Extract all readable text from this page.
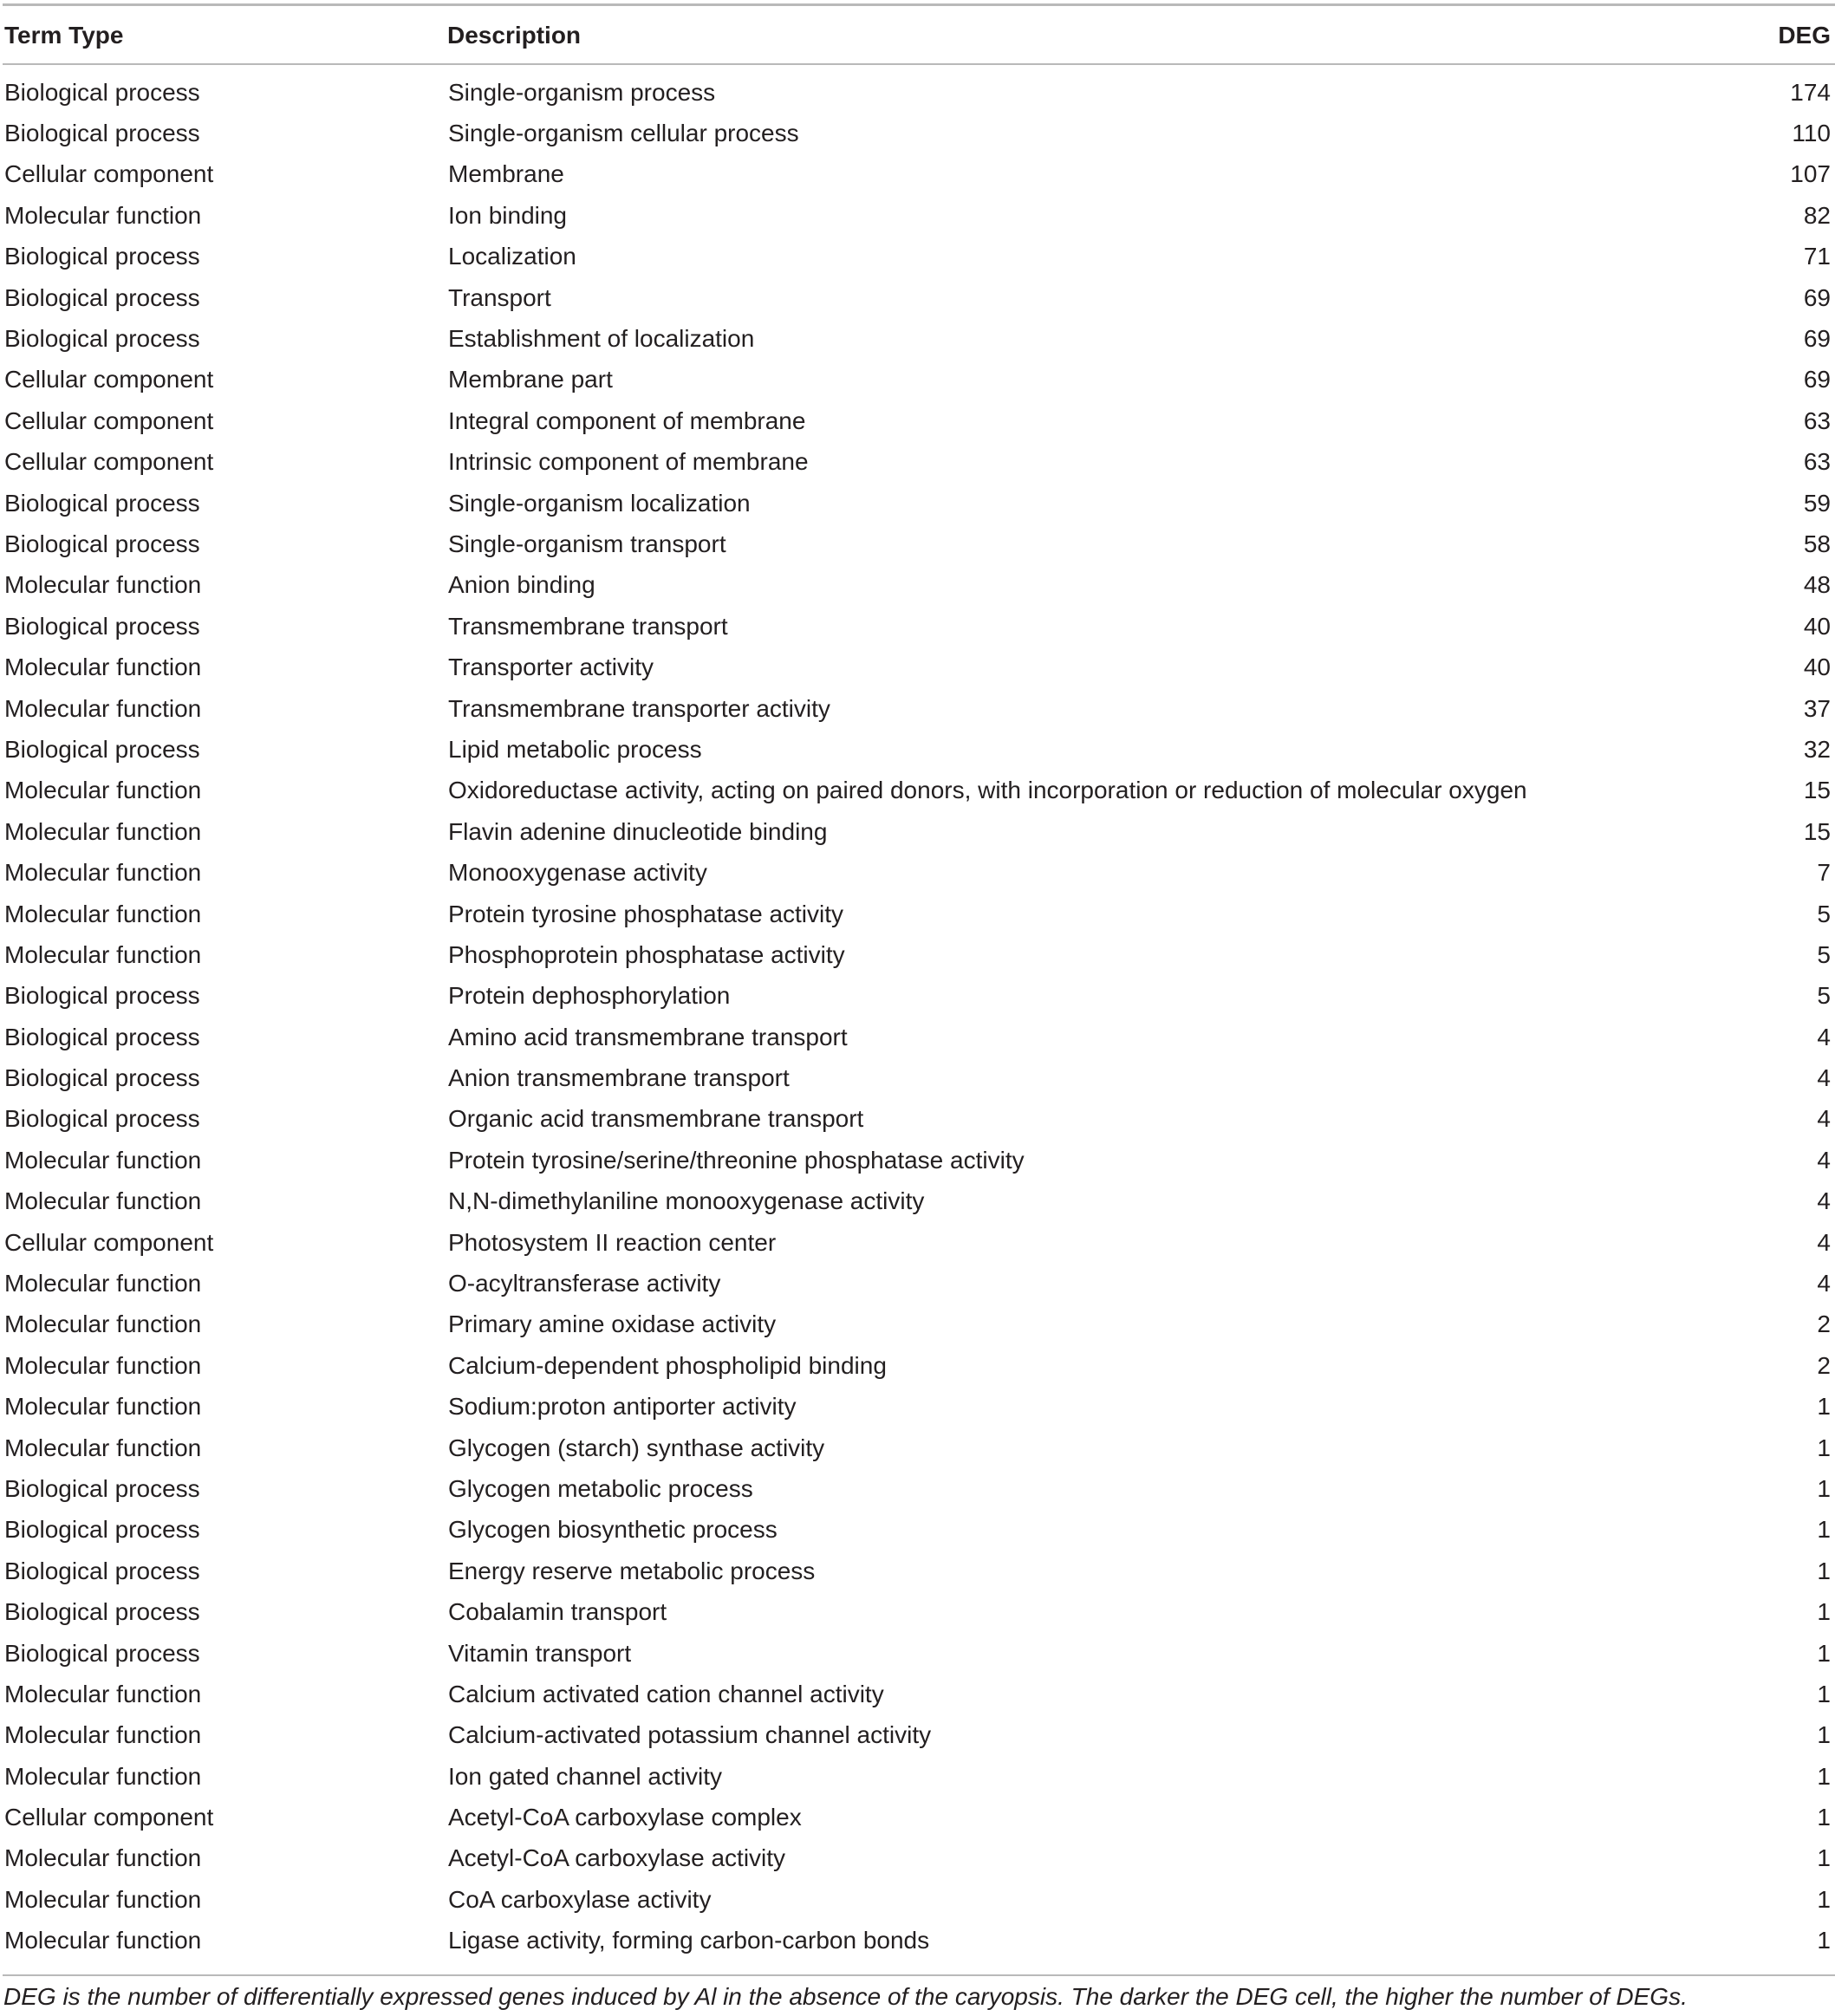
Term Type	Description	DEG
Biological process	Single-organism process	174
Biological process	Single-organism cellular process	110
Cellular component	Membrane	107
Molecular function	Ion binding	82
Biological process	Localization	71
Biological process	Transport	69
Biological process	Establishment of localization	69
Cellular component	Membrane part	69
Cellular component	Integral component of membrane	63
Cellular component	Intrinsic component of membrane	63
Biological process	Single-organism localization	59
Biological process	Single-organism transport	58
Molecular function	Anion binding	48
Biological process	Transmembrane transport	40
Molecular function	Transporter activity	40
Molecular function	Transmembrane transporter activity	37
Biological process	Lipid metabolic process	32
Molecular function	Oxidoreductase activity, acting on paired donors, with incorporation or reduction of molecular oxygen	15
Molecular function	Flavin adenine dinucleotide binding	15
Molecular function	Monooxygenase activity	7
Molecular function	Protein tyrosine phosphatase activity	5
Molecular function	Phosphoprotein phosphatase activity	5
Biological process	Protein dephosphorylation	5
Biological process	Amino acid transmembrane transport	4
Biological process	Anion transmembrane transport	4
Biological process	Organic acid transmembrane transport	4
Molecular function	Protein tyrosine/serine/threonine phosphatase activity	4
Molecular function	N,N-dimethylaniline monooxygenase activity	4
Cellular component	Photosystem II reaction center	4
Molecular function	O-acyltransferase activity	4
Molecular function	Primary amine oxidase activity	2
Molecular function	Calcium-dependent phospholipid binding	2
Molecular function	Sodium:proton antiporter activity	1
Molecular function	Glycogen (starch) synthase activity	1
Biological process	Glycogen metabolic process	1
Biological process	Glycogen biosynthetic process	1
Biological process	Energy reserve metabolic process	1
Biological process	Cobalamin transport	1
Biological process	Vitamin transport	1
Molecular function	Calcium activated cation channel activity	1
Molecular function	Calcium-activated potassium channel activity	1
Molecular function	Ion gated channel activity	1
Cellular component	Acetyl-CoA carboxylase complex	1
Molecular function	Acetyl-CoA carboxylase activity	1
Molecular function	CoA carboxylase activity	1
Molecular function	Ligase activity, forming carbon-carbon bonds	1
DEG is the number of differentially expressed genes induced by Al in the absence of the caryopsis. The darker the DEG cell, the higher the number of DEGs.
